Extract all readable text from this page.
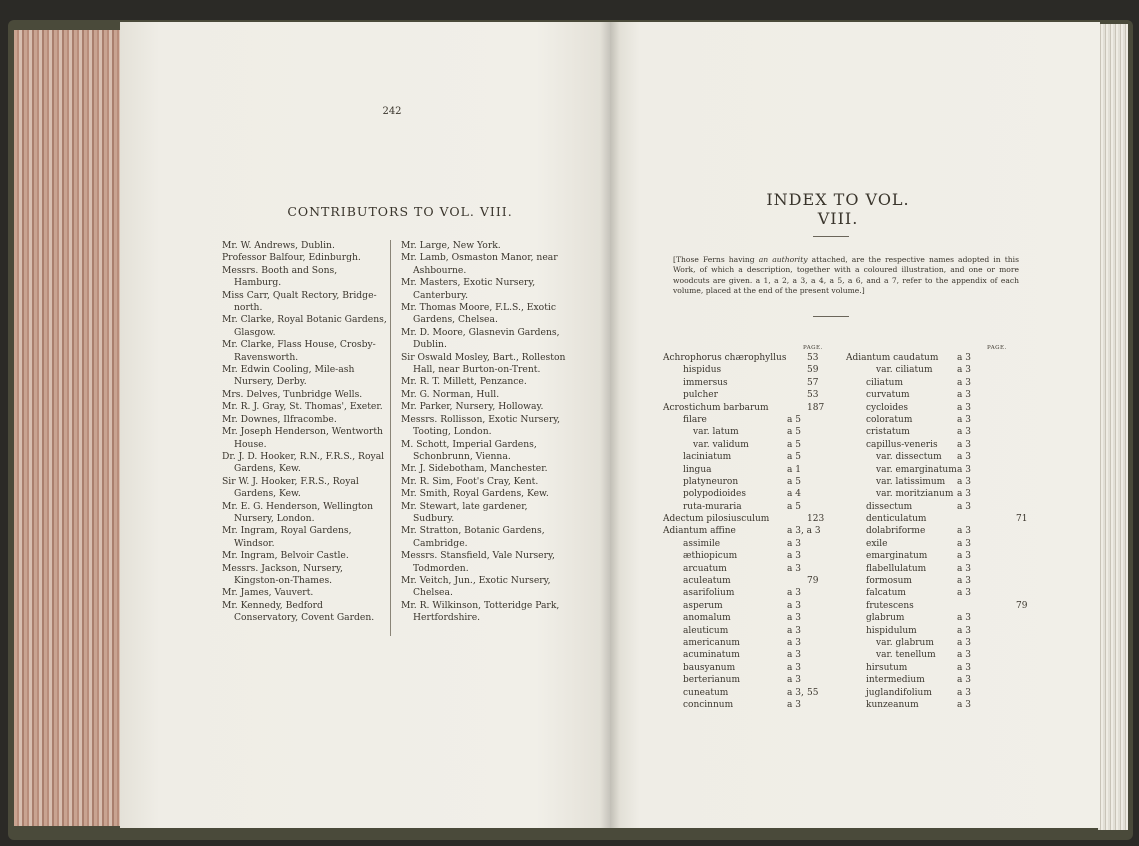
242
CONTRIBUTORS TO VOL. VIII.
Mr. W. Andrews, Dublin.
Professor Balfour, Edinburgh.
Messrs. Booth and Sons, Hamburg.
Miss Carr, Qualt Rectory, Bridge-north.
Mr. Clarke, Royal Botanic Gardens, Glasgow.
Mr. Clarke, Flass House, Crosby-Ravensworth.
Mr. Edwin Cooling, Mile-ash Nursery, Derby.
Mrs. Delves, Tunbridge Wells.
Mr. R. J. Gray, St. Thomas', Exeter.
Mr. Downes, Ilfracombe.
Mr. Joseph Henderson, Wentworth House.
Dr. J. D. Hooker, R.N., F.R.S., Royal Gardens, Kew.
Sir W. J. Hooker, F.R.S., Royal Gardens, Kew.
Mr. E. G. Henderson, Wellington Nursery, London.
Mr. Ingram, Royal Gardens, Windsor.
Mr. Ingram, Belvoir Castle.
Messrs. Jackson, Nursery, Kingston-on-Thames.
Mr. James, Vauvert.
Mr. Kennedy, Bedford Conservatory, Covent Garden.
Mr. Large, New York.
Mr. Lamb, Osmaston Manor, near Ashbourne.
Mr. Masters, Exotic Nursery, Canterbury.
Mr. Thomas Moore, F.L.S., Exotic Gardens, Chelsea.
Mr. D. Moore, Glasnevin Gardens, Dublin.
Sir Oswald Mosley, Bart., Rolleston Hall, near Burton-on-Trent.
Mr. R. T. Millett, Penzance.
Mr. G. Norman, Hull.
Mr. Parker, Nursery, Holloway.
Messrs. Rollisson, Exotic Nursery, Tooting, London.
M. Schott, Imperial Gardens, Schonbrunn, Vienna.
Mr. J. Sidebotham, Manchester.
Mr. R. Sim, Foot's Cray, Kent.
Mr. Smith, Royal Gardens, Kew.
Mr. Stewart, late gardener, Sudbury.
Mr. Stratton, Botanic Gardens, Cambridge.
Messrs. Stansfield, Vale Nursery, Todmorden.
Mr. Veitch, Jun., Exotic Nursery, Chelsea.
Mr. R. Wilkinson, Totteridge Park, Hertfordshire.
INDEX TO VOL. VIII.
[Those Ferns having an authority attached, are the respective names adopted in this Work, of which a description, together with a coloured illustration, and one or more woodcuts are given. a 1, a 2, a 3, a 4, a 5, a 6, and a 7, refer to the appendix of each volume, placed at the end of the present volume.]
PAGE.	PAGE.
Achrophorus chærophyllus 53
hispidus	59
immersus	57
pulcher	53
Acrostichum barbarum	187
filare	a 5
var. latum	a 5
var. validum	a 5
laciniatum	a 5
lingua	a 1
platyneuron	a 5
polypodioides	a 4
ruta-muraria	a 5
Adectum pilosiusculum	123
Adiantum affine	a 3, a 3
assimile	a 3
æthiopicum	a 3
arcuatum	a 3
aculeatum	79
asarifolium	a 3
asperum	a 3
anomalum	a 3
aleuticum	a 3
americanum	a 3
acuminatum	a 3
bausyanum	a 3
berterianum	a 3
cuneatum	a 3, 55
concinnum	a 3
Adiantum caudatum a 3
var. ciliatum	a 3
ciliatum	a 3
curvatum	a 3
cycloides	a 3
coloratum	a 3
cristatum	a 3
capillus-veneris a 3
var. dissectum a 3
var. emarginatum a 3
var. latissimum a 3
var. moritzianum a 3
dissectum	a 3
denticulatum	71
dolabriforme	a 3
exile	a 3
emarginatum	a 3
flabellulatum	a 3
formosum	a 3
falcatum	a 3
frutescens	79
glabrum	a 3
hispidulum	a 3
var. glabrum	a 3
var. tenellum a 3
hirsutum	a 3
intermedium	a 3
juglandifolium	a 3
kunzeanum	a 3
